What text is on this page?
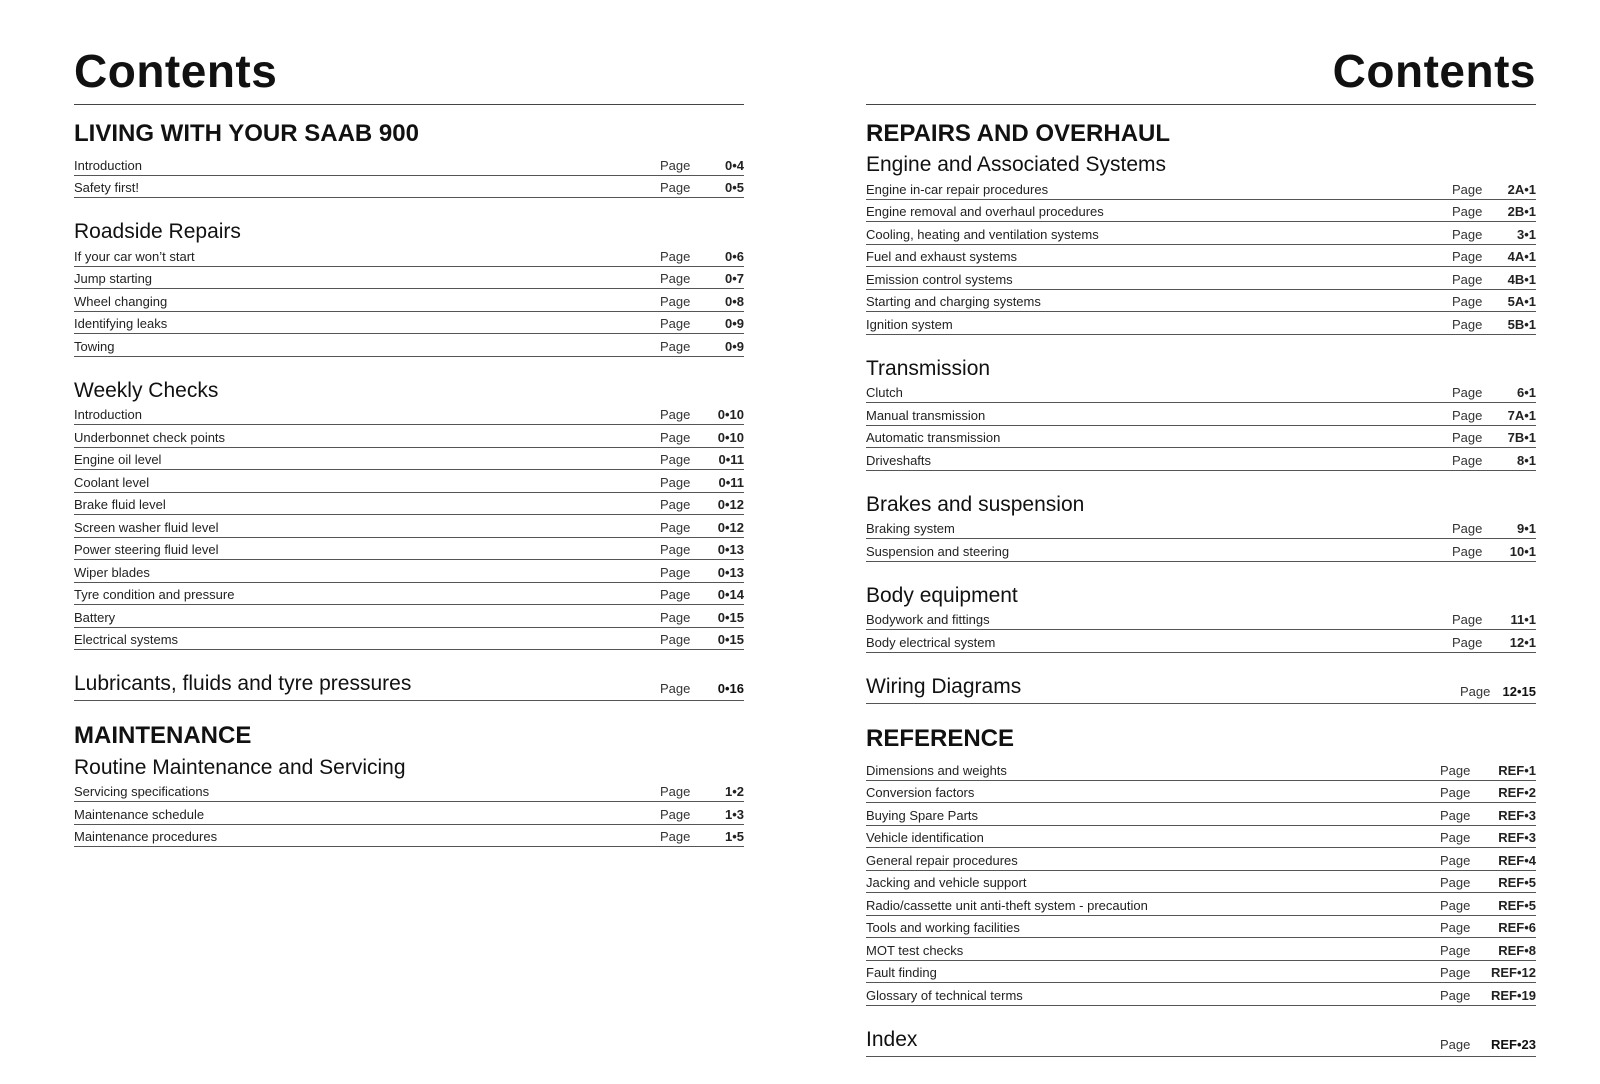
Contents
LIVING WITH YOUR SAAB 900
Introduction	Page	0•4
Safety first!	Page	0•5
Roadside Repairs
If your car won’t start	Page	0•6
Jump starting	Page	0•7
Wheel changing	Page	0•8
Identifying leaks	Page	0•9
Towing	Page	0•9
Weekly Checks
Introduction	Page	0•10
Underbonnet check points	Page	0•10
Engine oil level	Page	0•11
Coolant level	Page	0•11
Brake fluid level	Page	0•12
Screen washer fluid level	Page	0•12
Power steering fluid level	Page	0•13
Wiper blades	Page	0•13
Tyre condition and pressure	Page	0•14
Battery	Page	0•15
Electrical systems	Page	0•15
Lubricants, fluids and tyre pressures	Page	0•16
MAINTENANCE
Routine Maintenance and Servicing
Servicing specifications	Page	1•2
Maintenance schedule	Page	1•3
Maintenance procedures	Page	1•5
Contents
REPAIRS AND OVERHAUL
Engine and Associated Systems
Engine in-car repair procedures	Page	2A•1
Engine removal and overhaul procedures	Page	2B•1
Cooling, heating and ventilation systems	Page	3•1
Fuel and exhaust systems	Page	4A•1
Emission control systems	Page	4B•1
Starting and charging systems	Page	5A•1
Ignition system	Page	5B•1
Transmission
Clutch	Page	6•1
Manual transmission	Page	7A•1
Automatic transmission	Page	7B•1
Driveshafts	Page	8•1
Brakes and suspension
Braking system	Page	9•1
Suspension and steering	Page	10•1
Body equipment
Bodywork and fittings	Page	11•1
Body electrical system	Page	12•1
Wiring Diagrams	Page 12•15
REFERENCE
Dimensions and weights	Page	REF•1
Conversion factors	Page	REF•2
Buying Spare Parts	Page	REF•3
Vehicle identification	Page	REF•3
General repair procedures	Page	REF•4
Jacking and vehicle support	Page	REF•5
Radio/cassette unit anti-theft system - precaution	Page	REF•5
Tools and working facilities	Page	REF•6
MOT test checks	Page	REF•8
Fault finding	Page	REF•12
Glossary of technical terms	Page	REF•19
Index	Page	REF•23
